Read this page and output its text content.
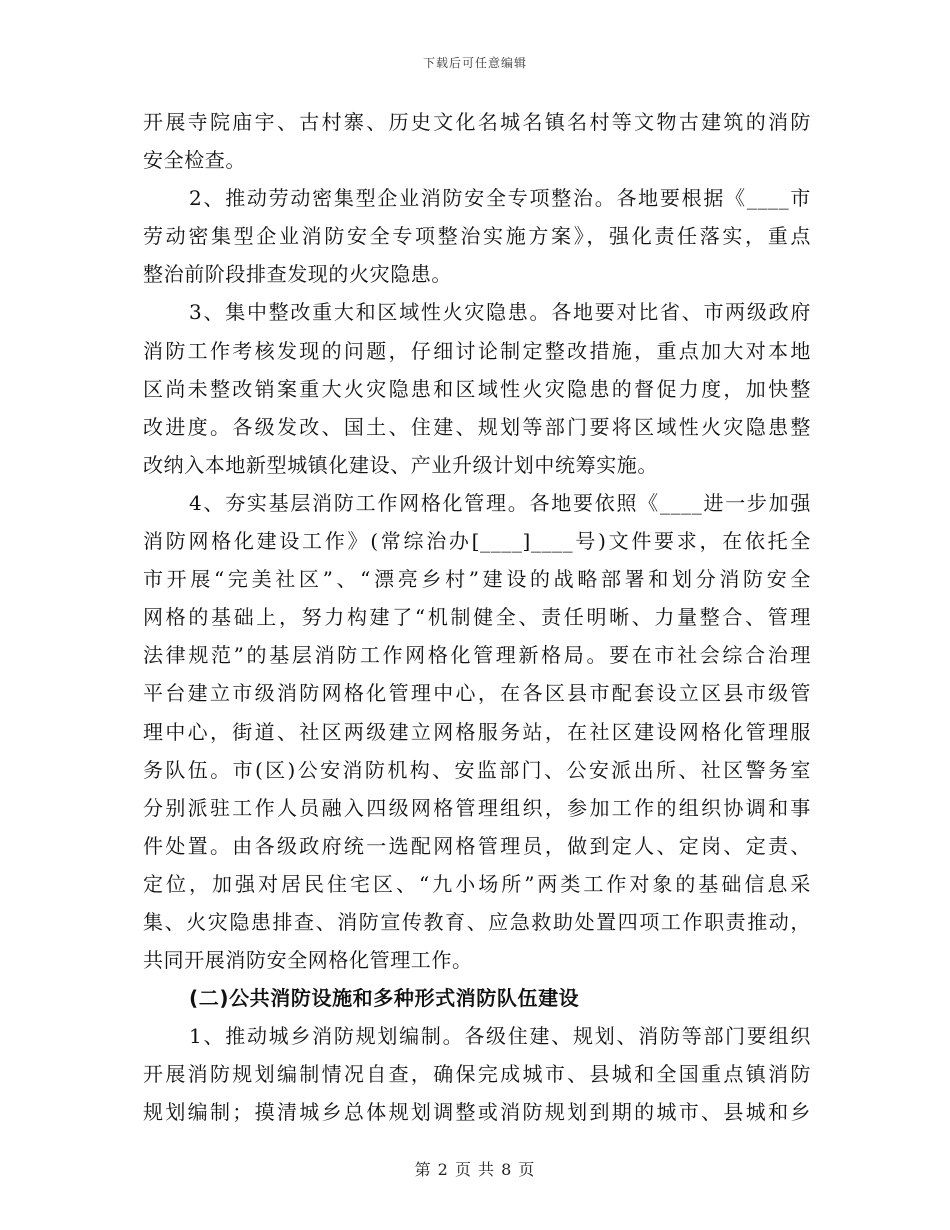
下载后可任意编辑
开展寺院庙宇、古村寨、历史文化名城名镇名村等文物古建筑的消防
安全检查。
2、推动劳动密集型企业消防安全专项整治。各地要根据《____市
劳动密集型企业消防安全专项整治实施方案》，强化责任落实，重点
整治前阶段排查发现的火灾隐患。
3、集中整改重大和区域性火灾隐患。各地要对比省、市两级政府
消防工作考核发现的问题，仔细讨论制定整改措施，重点加大对本地
区尚未整改销案重大火灾隐患和区域性火灾隐患的督促力度，加快整
改进度。各级发改、国土、住建、规划等部门要将区域性火灾隐患整
改纳入本地新型城镇化建设、产业升级计划中统筹实施。
4、夯实基层消防工作网格化管理。各地要依照《____进一步加强
消防网格化建设工作》(常综治办[____]____号)文件要求，在依托全
市开展“完美社区”、“漂亮乡村”建设的战略部署和划分消防安全
网格的基础上，努力构建了“机制健全、责任明晰、力量整合、管理
法律规范”的基层消防工作网格化管理新格局。要在市社会综合治理
平台建立市级消防网格化管理中心，在各区县市配套设立区县市级管
理中心，街道、社区两级建立网格服务站，在社区建设网格化管理服
务队伍。市(区)公安消防机构、安监部门、公安派出所、社区警务室
分别派驻工作人员融入四级网格管理组织，参加工作的组织协调和事
件处置。由各级政府统一选配网格管理员，做到定人、定岗、定责、
定位，加强对居民住宅区、“九小场所”两类工作对象的基础信息采
集、火灾隐患排查、消防宣传教育、应急救助处置四项工作职责推动，
共同开展消防安全网格化管理工作。
(二)公共消防设施和多种形式消防队伍建设
1、推动城乡消防规划编制。各级住建、规划、消防等部门要组织
开展消防规划编制情况自查，确保完成城市、县城和全国重点镇消防
规划编制；摸清城乡总体规划调整或消防规划到期的城市、县城和乡
第 2 页 共 8 页
